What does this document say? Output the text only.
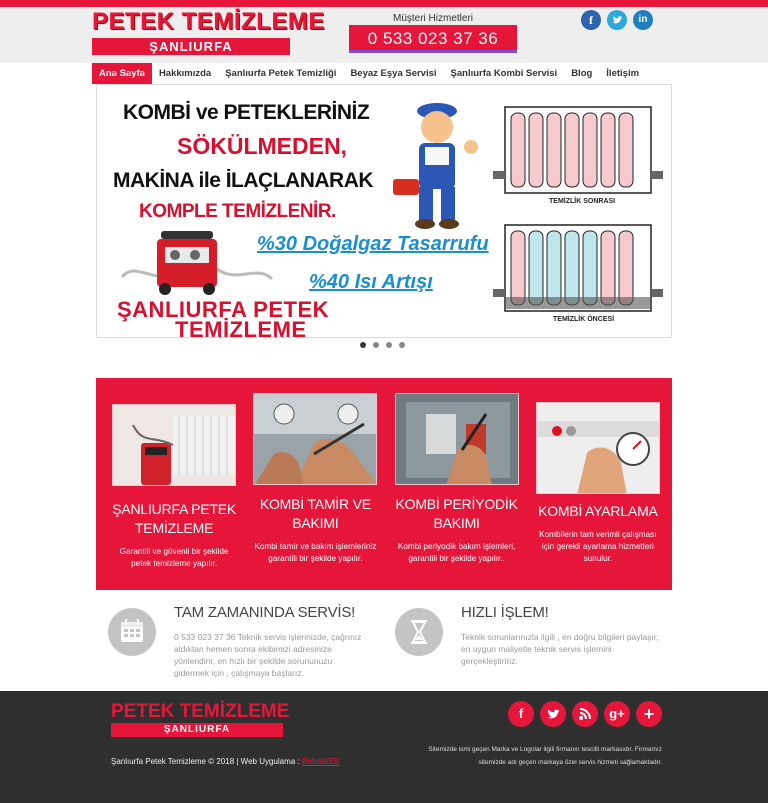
PETEK TEMİZLEME
ŞANLIURFA
Müşteri Hizmetleri
0 533 023 37 36
f	in
Ana Sayfa	Hakkımızda	Şanlıurfa Petek Temizliği	Beyaz Eşya Servisi	Şanlıurfa Kombi Servisi	Blog	İletişim
KOMBİ ve PETEKLERİNİZ
SÖKÜLMEDEN,
MAKİNA ile İLAÇLANARAK
KOMPLE TEMİZLENİR.
%30 Doğalgaz Tasarrufu
%40 Isı Artışı
ŞANLIURFA PETEK
TEMİZLEME
TEMİZLİK SONRASI
TEMİZLİK ÖNCESİ
ŞANLIURFA PETEK TEMİZLEME
Garantili ve güvenli bir şekilde petek temizleme yapılır.
KOMBİ TAMİR VE BAKIMI
Kombi tamir ve bakım işlemleriniz garantili bir şekilde yapılır.
KOMBİ PERİYODİK BAKIMI
Kombi periyodik bakım işlemleri, garantili bir şekilde yapılır..
KOMBİ AYARLAMA
Kombilerin tam verimli çalışması için gerekli ayarlama hizmetleri sunulur.
TAM ZAMANINDA SERVİS!
0 533 023 37 36 Teknik servis işlerinizde, çağrınız aldıktan hemen sonra ekibimizi adresinize yönlendirir, en hızlı bir şekilde sorununuzu gidermek için , çalışmaya başlarız.
HIZLI İŞLEM!
Teknik sorunlarınızla ilgili , en doğru bilgileri paylaşır, en uygun maliyetle teknik servis işlemini gerçekleştiririz.
PETEK TEMİZLEME
ŞANLIURFA
f	g+	+
Sitemizde ismi geçen Marka ve Logolar ilgili firmanın tescilli markasıdır. Firmamız
sitemizde adı geçen markaya özel servis hizmeti sağlamaktadır.
Şanlıurfa Petek Temizleme © 2018 | Web Uygulama : RehaWEB
